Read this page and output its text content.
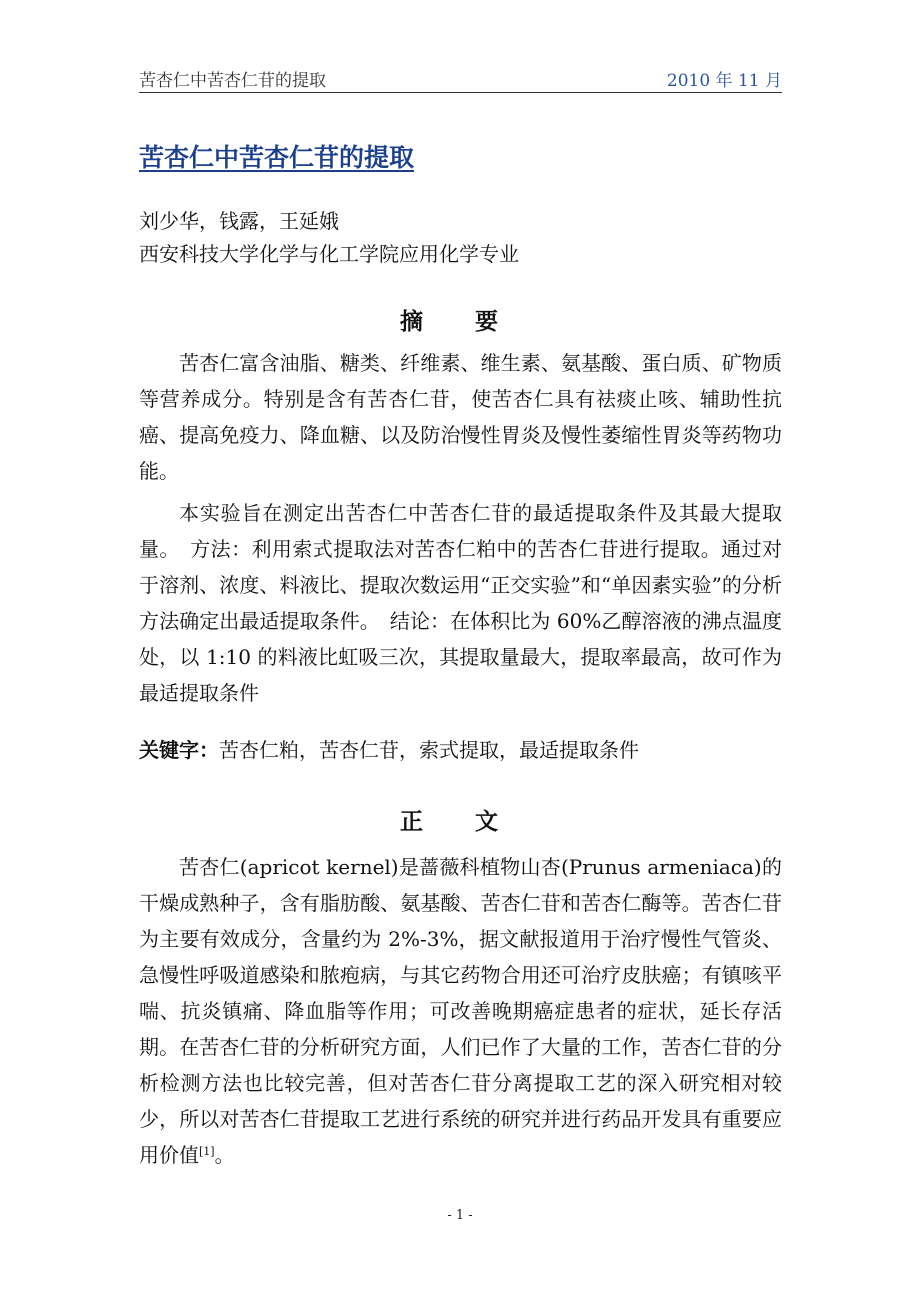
苦杏仁中苦杏仁苷的提取	2010 年 11 月
苦杏仁中苦杏仁苷的提取
刘少华，钱露，王延娥
西安科技大学化学与化工学院应用化学专业
摘 要

苦杏仁富含油脂、糖类、纤维素、维生素、氨基酸、蛋白质、矿物质等营养成分。特别是含有苦杏仁苷，使苦杏仁具有祛痰止咳、辅助性抗癌、提高免疫力、降血糖、以及防治慢性胃炎及慢性萎缩性胃炎等药物功能。

本实验旨在测定出苦杏仁中苦杏仁苷的最适提取条件及其最大提取量。　方法：利用索式提取法对苦杏仁粕中的苦杏仁苷进行提取。通过对于溶剂、浓度、料液比、提取次数运用“正交实验”和“单因素实验”的分析方法确定出最适提取条件。　结论：在体积比为 60%乙醇溶液的沸点温度处，以 1:10 的料液比虹吸三次，其提取量最大，提取率最高，故可作为最适提取条件

关键字：苦杏仁粕，苦杏仁苷，索式提取，最适提取条件

正 文

苦杏仁(apricot kernel)是蔷薇科植物山杏(Prunus armeniaca)的干燥成熟种子，含有脂肪酸、氨基酸、苦杏仁苷和苦杏仁酶等。苦杏仁苷为主要有效成分，含量约为 2%-3%，据文献报道用于治疗慢性气管炎、急慢性呼吸道感染和脓疱病，与其它药物合用还可治疗皮肤癌；有镇咳平喘、抗炎镇痛、降血脂等作用；可改善晚期癌症患者的症状，延长存活期。在苦杏仁苷的分析研究方面，人们已作了大量的工作，苦杏仁苷的分析检测方法也比较完善，但对苦杏仁苷分离提取工艺的深入研究相对较少，所以对苦杏仁苷提取工艺进行系统的研究并进行药品开发具有重要应用价值[1]。

- 1 -
